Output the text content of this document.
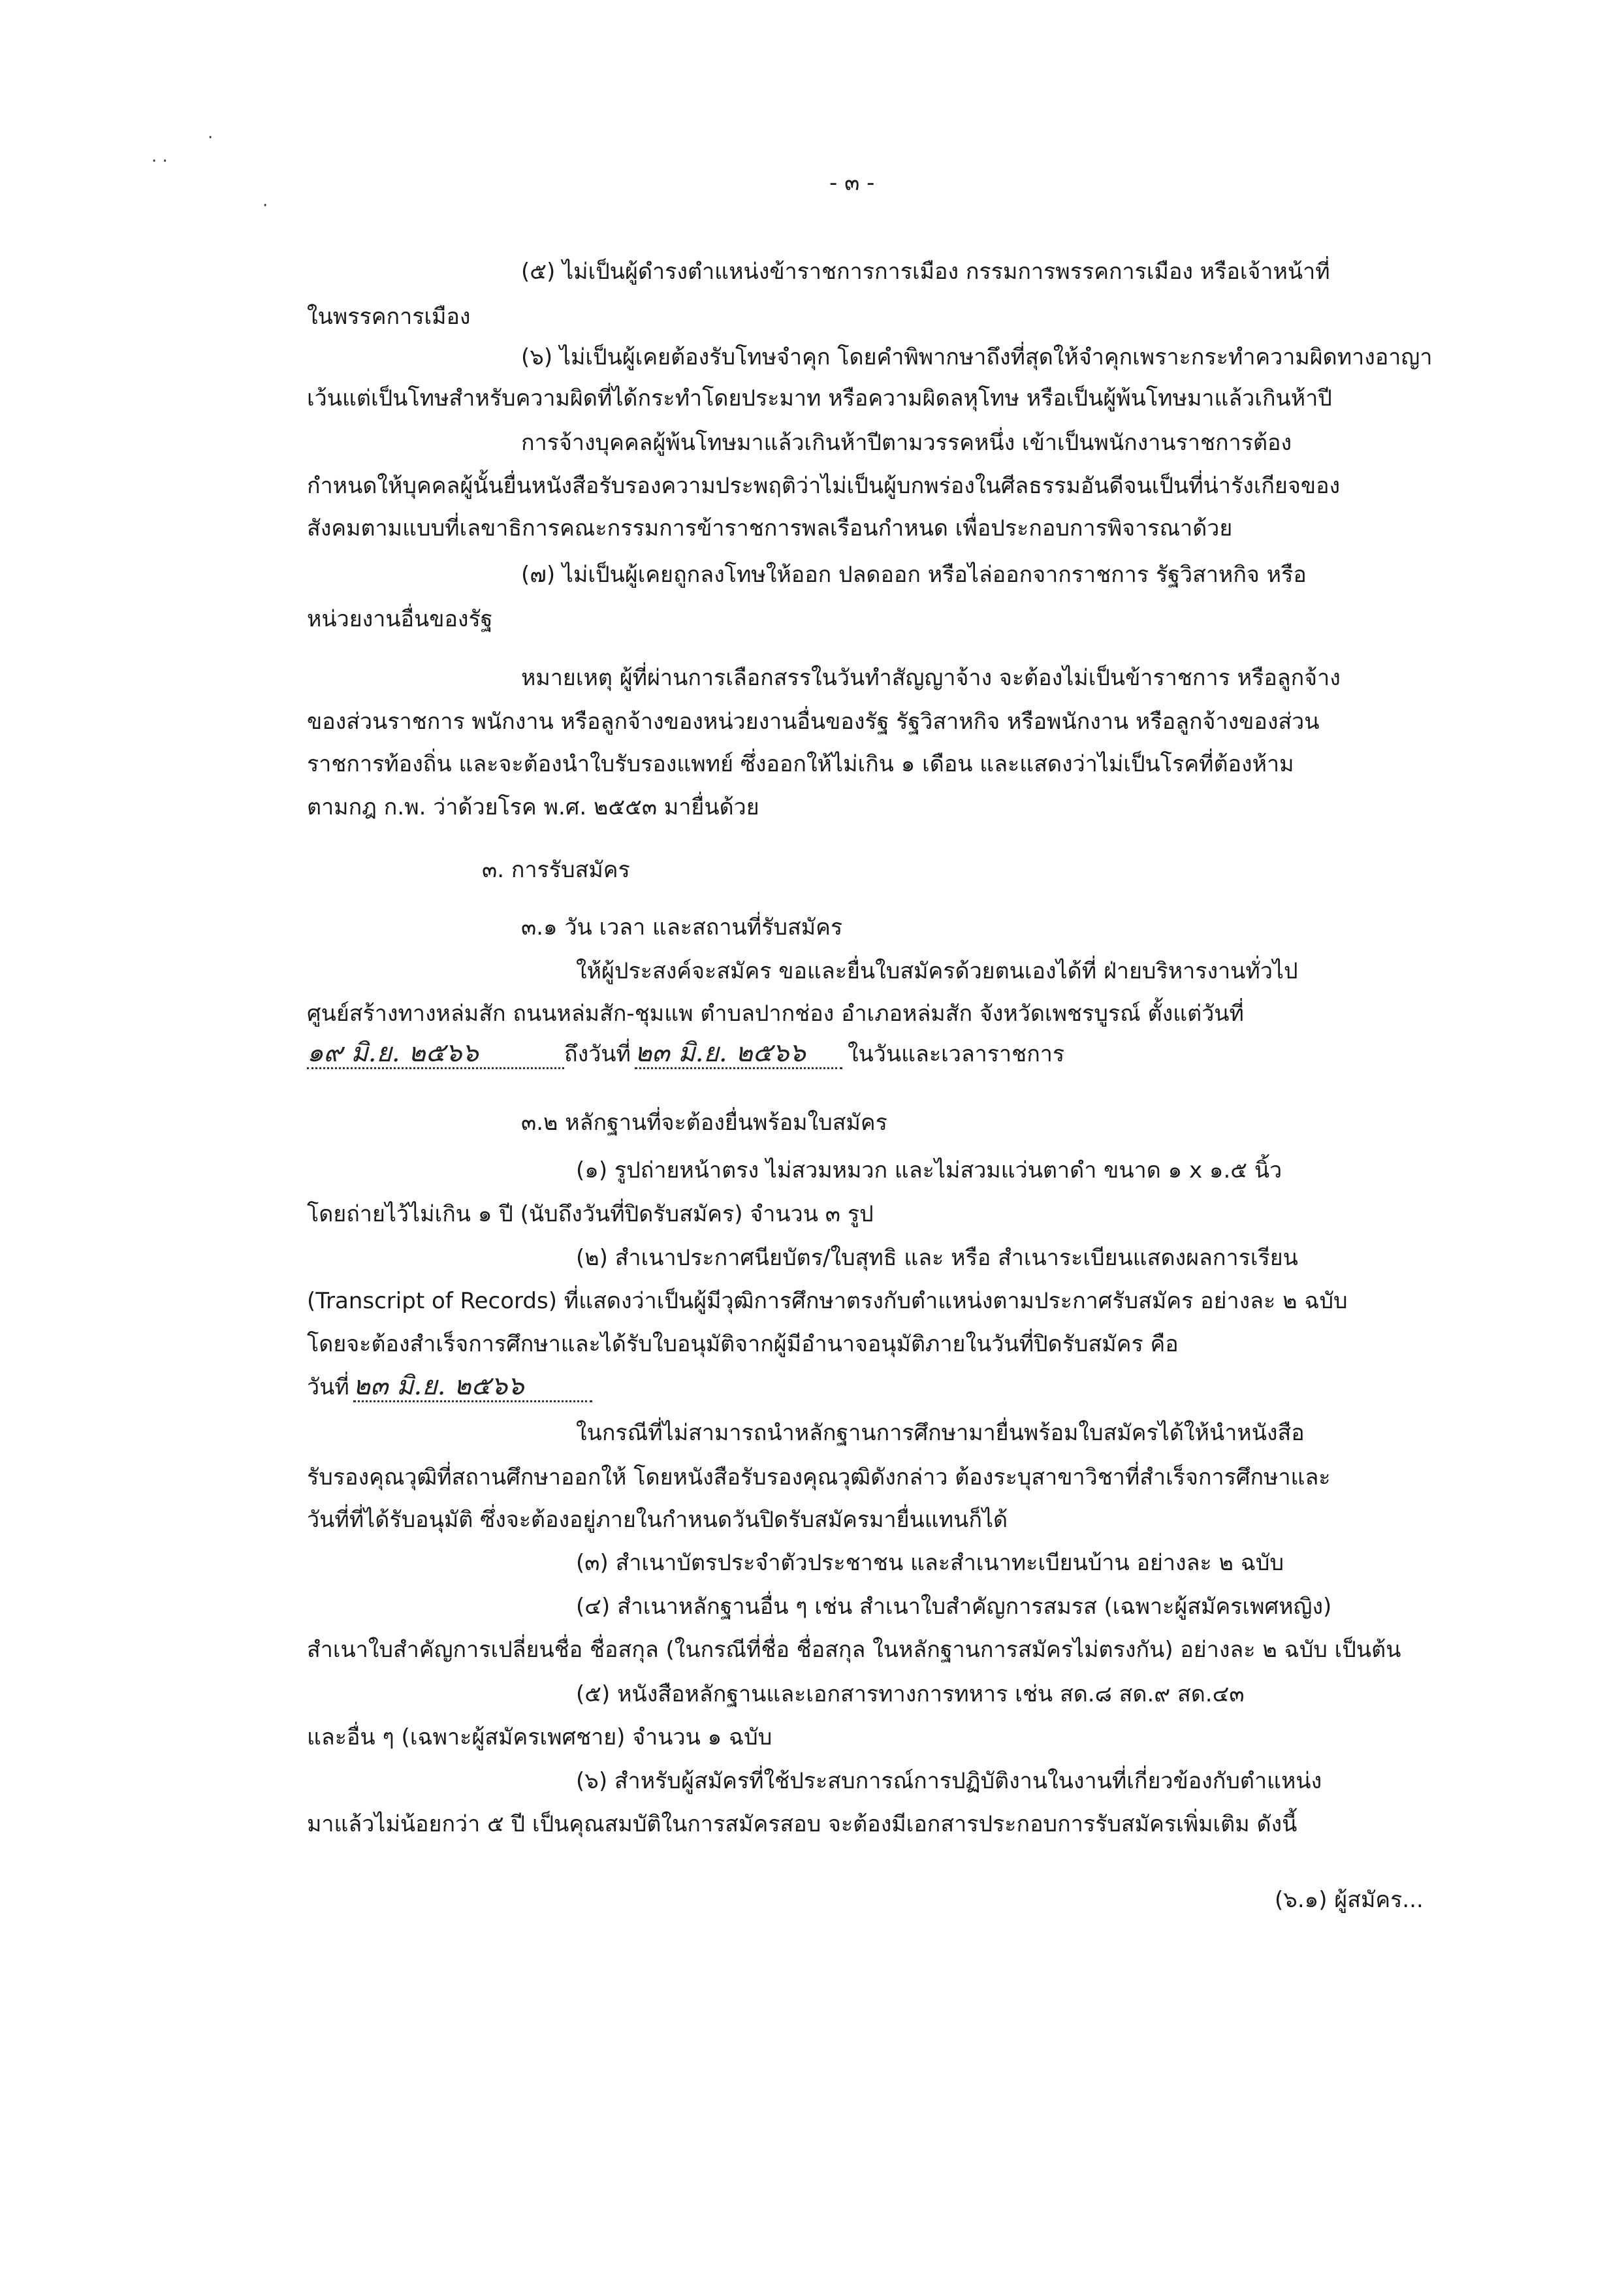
· ·
·
·
- ๓ -
(๕) ไม่เป็นผู้ดำรงตำแหน่งข้าราชการการเมือง กรรมการพรรคการเมือง หรือเจ้าหน้าที่
ในพรรคการเมือง
(๖) ไม่เป็นผู้เคยต้องรับโทษจำคุก โดยคำพิพากษาถึงที่สุดให้จำคุกเพราะกระทำความผิดทางอาญา
เว้นแต่เป็นโทษสำหรับความผิดที่ได้กระทำโดยประมาท หรือความผิดลหุโทษ หรือเป็นผู้พ้นโทษมาแล้วเกินห้าปี
การจ้างบุคคลผู้พ้นโทษมาแล้วเกินห้าปีตามวรรคหนึ่ง เข้าเป็นพนักงานราชการต้อง
กำหนดให้บุคคลผู้นั้นยื่นหนังสือรับรองความประพฤติว่าไม่เป็นผู้บกพร่องในศีลธรรมอันดีจนเป็นที่น่ารังเกียจของ
สังคมตามแบบที่เลขาธิการคณะกรรมการข้าราชการพลเรือนกำหนด เพื่อประกอบการพิจารณาด้วย
(๗) ไม่เป็นผู้เคยถูกลงโทษให้ออก ปลดออก หรือไล่ออกจากราชการ รัฐวิสาหกิจ หรือ
หน่วยงานอื่นของรัฐ
หมายเหตุ ผู้ที่ผ่านการเลือกสรรในวันทำสัญญาจ้าง จะต้องไม่เป็นข้าราชการ หรือลูกจ้าง
ของส่วนราชการ พนักงาน หรือลูกจ้างของหน่วยงานอื่นของรัฐ รัฐวิสาหกิจ หรือพนักงาน หรือลูกจ้างของส่วน
ราชการท้องถิ่น และจะต้องนำใบรับรองแพทย์ ซึ่งออกให้ไม่เกิน ๑ เดือน และแสดงว่าไม่เป็นโรคที่ต้องห้าม
ตามกฎ ก.พ. ว่าด้วยโรค พ.ศ. ๒๕๕๓ มายื่นด้วย
๓. การรับสมัคร
๓.๑ วัน เวลา และสถานที่รับสมัคร
ให้ผู้ประสงค์จะสมัคร ขอและยื่นใบสมัครด้วยตนเองได้ที่ ฝ่ายบริหารงานทั่วไป
ศูนย์สร้างทางหล่มสัก ถนนหล่มสัก-ชุมแพ ตำบลปากช่อง อำเภอหล่มสัก จังหวัดเพชรบูรณ์ ตั้งแต่วันที่
๑๙ มิ.ย. ๒๕๖๖	ถึงวันที่ ๒๓ มิ.ย. ๒๕๖๖ ในวันและเวลาราชการ
๓.๒ หลักฐานที่จะต้องยื่นพร้อมใบสมัคร
(๑) รูปถ่ายหน้าตรง ไม่สวมหมวก และไม่สวมแว่นตาดำ ขนาด ๑ x ๑.๕ นิ้ว
โดยถ่ายไว้ไม่เกิน ๑ ปี (นับถึงวันที่ปิดรับสมัคร) จำนวน ๓ รูป
(๒) สำเนาประกาศนียบัตร/ใบสุทธิ และ หรือ สำเนาระเบียนแสดงผลการเรียน
(Transcript of Records) ที่แสดงว่าเป็นผู้มีวุฒิการศึกษาตรงกับตำแหน่งตามประกาศรับสมัคร อย่างละ ๒ ฉบับ
โดยจะต้องสำเร็จการศึกษาและได้รับใบอนุมัติจากผู้มีอำนาจอนุมัติภายในวันที่ปิดรับสมัคร คือ
วันที่ ๒๓ มิ.ย. ๒๕๖๖
ในกรณีที่ไม่สามารถนำหลักฐานการศึกษามายื่นพร้อมใบสมัครได้ให้นำหนังสือ
รับรองคุณวุฒิที่สถานศึกษาออกให้ โดยหนังสือรับรองคุณวุฒิดังกล่าว ต้องระบุสาขาวิชาที่สำเร็จการศึกษาและ
วันที่ที่ได้รับอนุมัติ ซึ่งจะต้องอยู่ภายในกำหนดวันปิดรับสมัครมายื่นแทนก็ได้
(๓) สำเนาบัตรประจำตัวประชาชน และสำเนาทะเบียนบ้าน อย่างละ ๒ ฉบับ
(๔) สำเนาหลักฐานอื่น ๆ เช่น สำเนาใบสำคัญการสมรส (เฉพาะผู้สมัครเพศหญิง)
สำเนาใบสำคัญการเปลี่ยนชื่อ ชื่อสกุล (ในกรณีที่ชื่อ ชื่อสกุล ในหลักฐานการสมัครไม่ตรงกัน) อย่างละ ๒ ฉบับ เป็นต้น
(๕) หนังสือหลักฐานและเอกสารทางการทหาร เช่น สด.๘ สด.๙ สด.๔๓
และอื่น ๆ (เฉพาะผู้สมัครเพศชาย) จำนวน ๑ ฉบับ
(๖) สำหรับผู้สมัครที่ใช้ประสบการณ์การปฏิบัติงานในงานที่เกี่ยวข้องกับตำแหน่ง
มาแล้วไม่น้อยกว่า ๕ ปี เป็นคุณสมบัติในการสมัครสอบ จะต้องมีเอกสารประกอบการรับสมัครเพิ่มเติม ดังนี้
(๖.๑) ผู้สมัคร...
